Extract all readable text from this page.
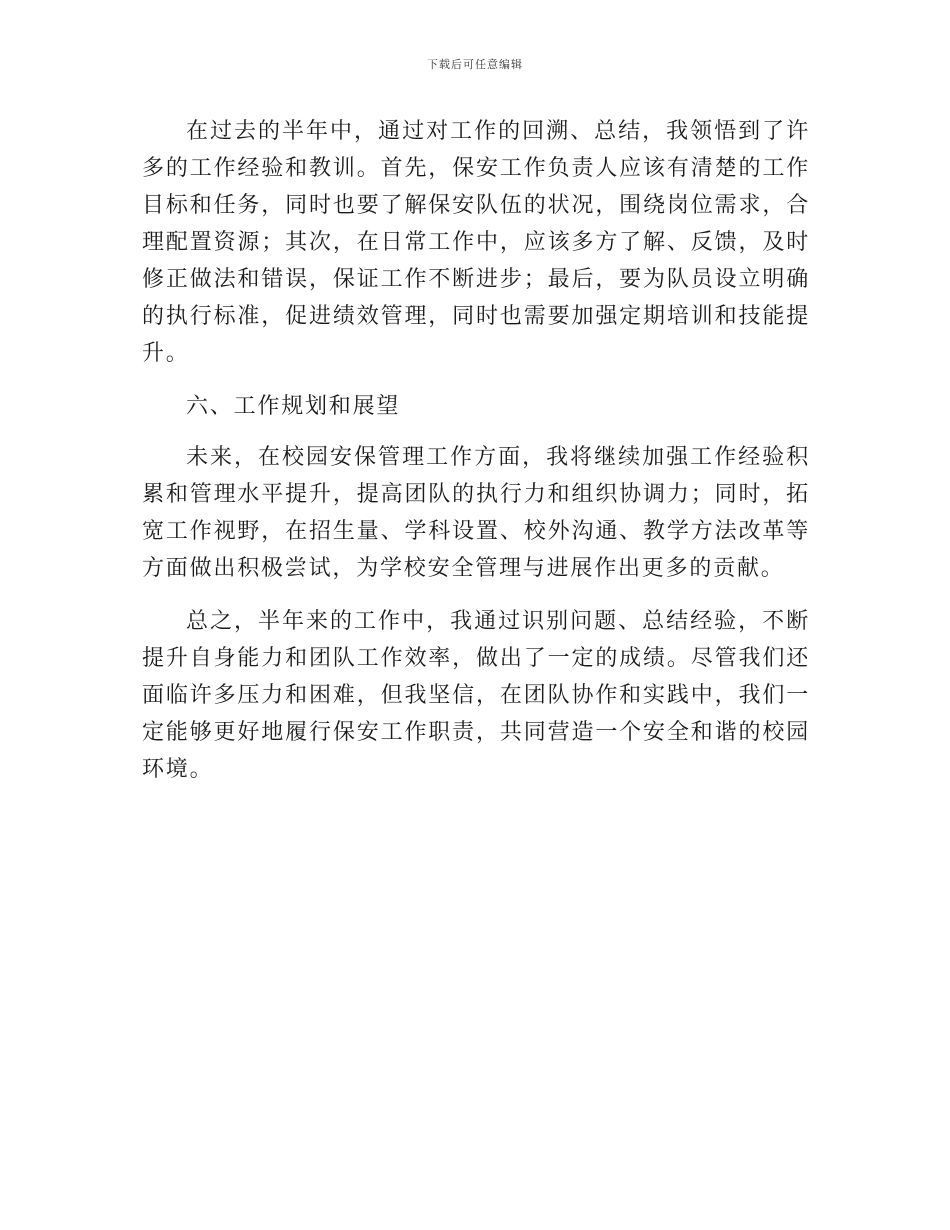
下载后可任意编辑

在过去的半年中，通过对工作的回溯、总结，我领悟到了许多的工作经验和教训。首先，保安工作负责人应该有清楚的工作目标和任务，同时也要了解保安队伍的状况，围绕岗位需求，合理配置资源；其次，在日常工作中，应该多方了解、反馈，及时修正做法和错误，保证工作不断进步；最后，要为队员设立明确的执行标准，促进绩效管理，同时也需要加强定期培训和技能提升。

六、工作规划和展望

未来，在校园安保管理工作方面，我将继续加强工作经验积累和管理水平提升，提高团队的执行力和组织协调力；同时，拓宽工作视野，在招生量、学科设置、校外沟通、教学方法改革等方面做出积极尝试，为学校安全管理与进展作出更多的贡献。

总之，半年来的工作中，我通过识别问题、总结经验，不断提升自身能力和团队工作效率，做出了一定的成绩。尽管我们还面临许多压力和困难，但我坚信，在团队协作和实践中，我们一定能够更好地履行保安工作职责，共同营造一个安全和谐的校园环境。
